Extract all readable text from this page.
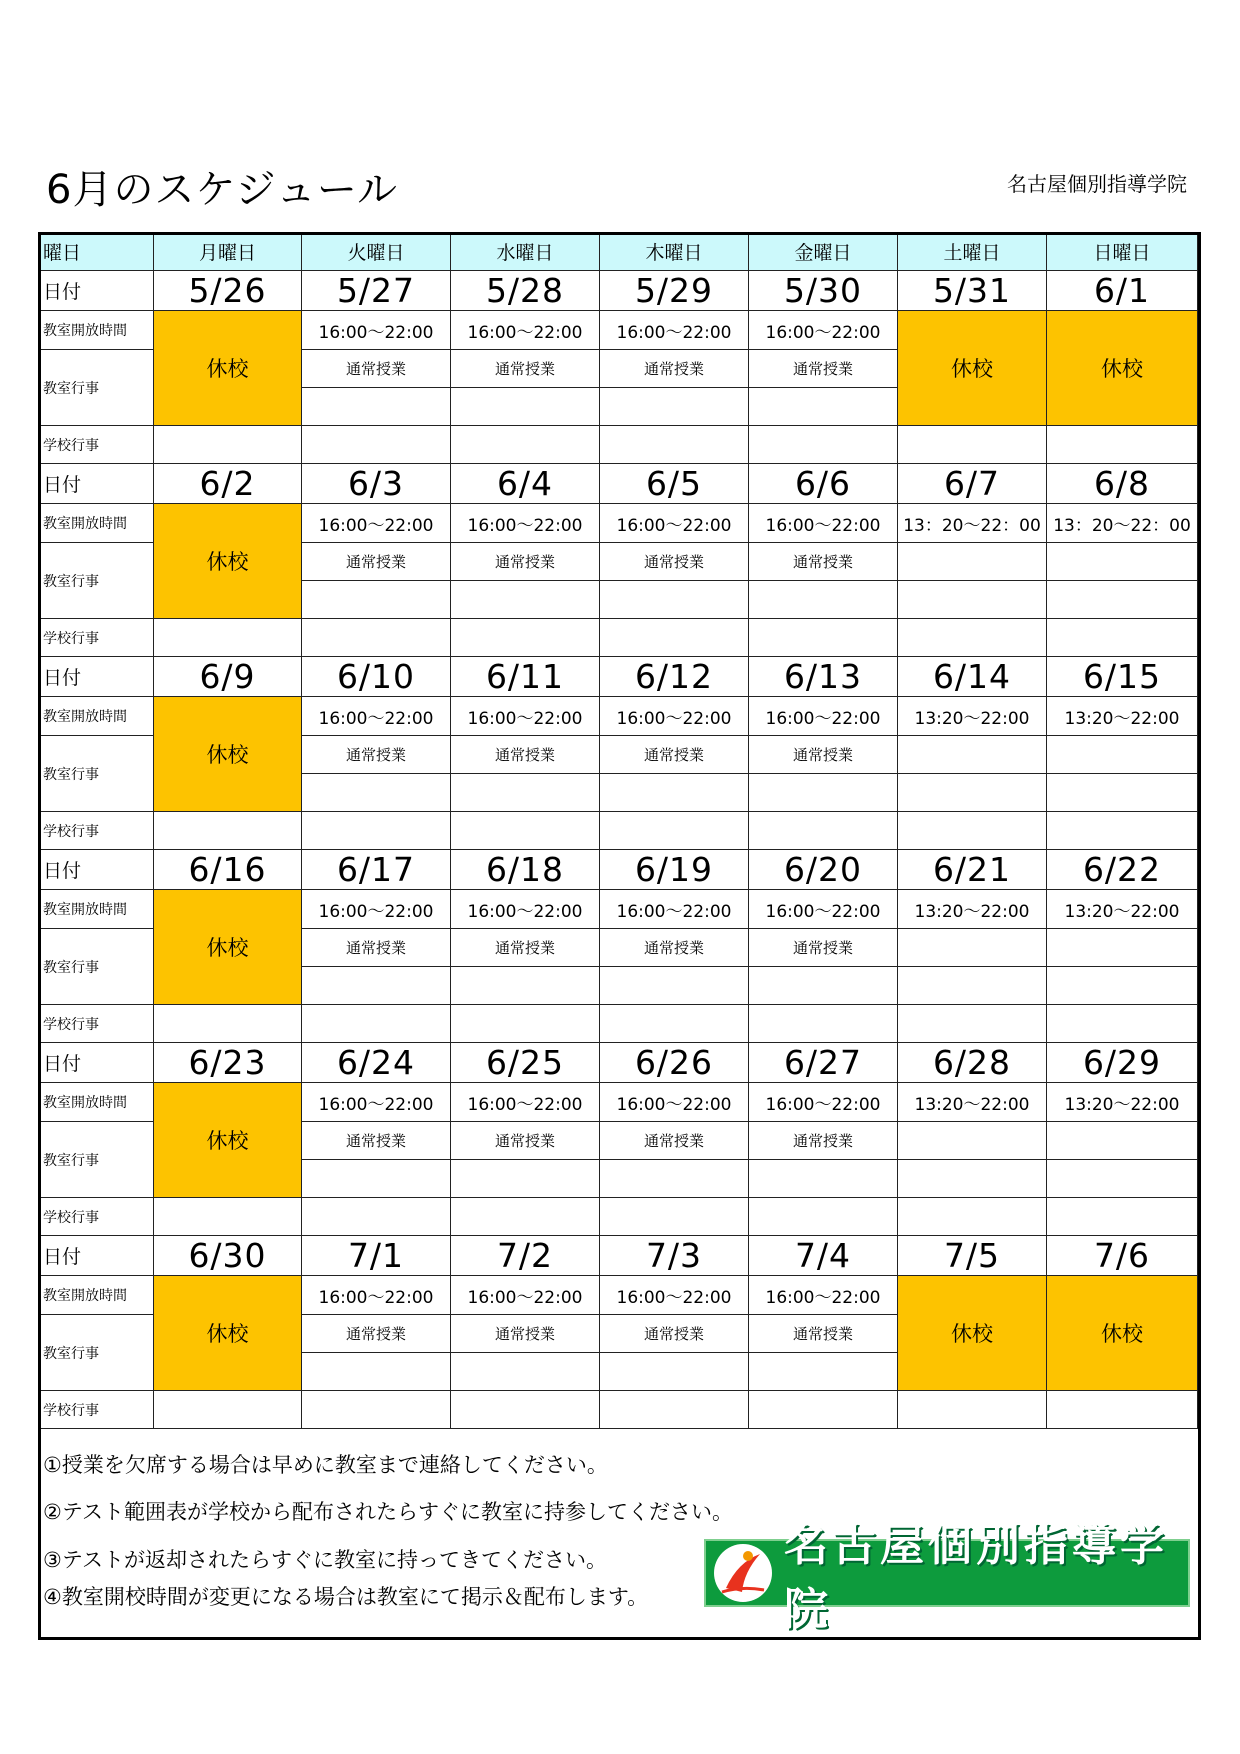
6月のスケジュール	名古屋個別指導学院
曜日	月曜日	火曜日	水曜日	木曜日	金曜日	土曜日	日曜日
日付	5/26	5/27	5/28	5/29	5/30	5/31	6/1
教室開放時間	休校	16:00～22:00	16:00～22:00	16:00～22:00	16:00～22:00	休校	休校
教室行事		通常授業	通常授業	通常授業	通常授業		

学校行事							
日付	6/2	6/3	6/4	6/5	6/6	6/7	6/8
教室開放時間	休校	16:00～22:00	16:00～22:00	16:00～22:00	16:00～22:00	13：20～22：00	13：20～22：00
教室行事		通常授業	通常授業	通常授業	通常授業		

学校行事							
日付	6/9	6/10	6/11	6/12	6/13	6/14	6/15
教室開放時間	休校	16:00～22:00	16:00～22:00	16:00～22:00	16:00～22:00	13:20～22:00	13:20～22:00
教室行事		通常授業	通常授業	通常授業	通常授業		

学校行事							
日付	6/16	6/17	6/18	6/19	6/20	6/21	6/22
教室開放時間	休校	16:00～22:00	16:00～22:00	16:00～22:00	16:00～22:00	13:20～22:00	13:20～22:00
教室行事		通常授業	通常授業	通常授業	通常授業		

学校行事							
日付	6/23	6/24	6/25	6/26	6/27	6/28	6/29
教室開放時間	休校	16:00～22:00	16:00～22:00	16:00～22:00	16:00～22:00	13:20～22:00	13:20～22:00
教室行事		通常授業	通常授業	通常授業	通常授業		

学校行事							
日付	6/30	7/1	7/2	7/3	7/4	7/5	7/6
教室開放時間	休校	16:00～22:00	16:00～22:00	16:00～22:00	16:00～22:00	休校	休校
教室行事		通常授業	通常授業	通常授業	通常授業		

学校行事							
①授業を欠席する場合は早めに教室まで連絡してください。
②テスト範囲表が学校から配布されたらすぐに教室に持参してください。
③テストが返却されたらすぐに教室に持ってきてください。
④教室開校時間が変更になる場合は教室にて掲示＆配布します。
名古屋個別指導学院
